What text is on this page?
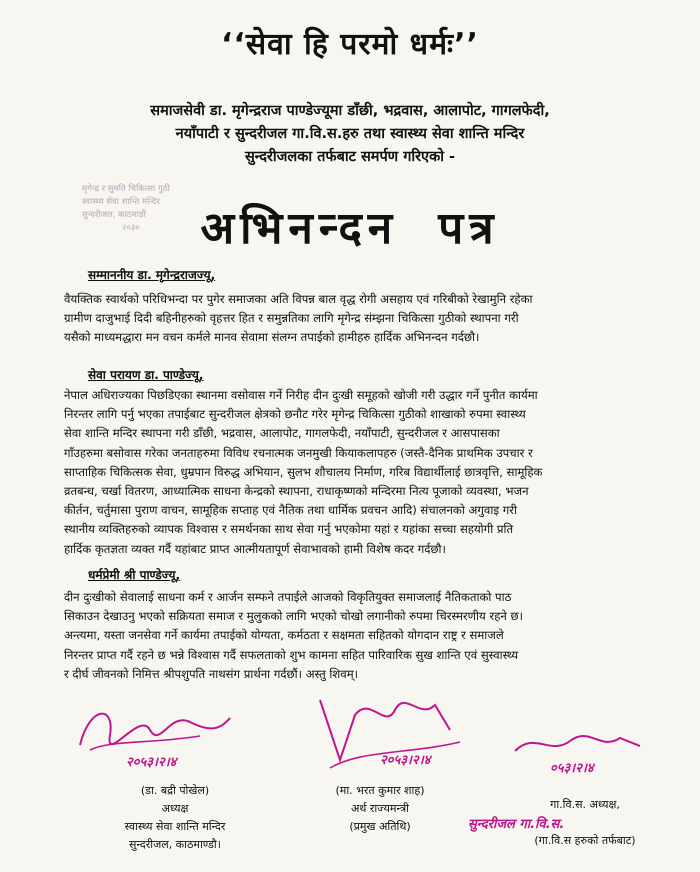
‘‘सेवा हि परमो धर्मः’’
समाजसेवी डा. मृगेन्द्रराज पाण्डेज्यूमा डाँछी, भद्रवास, आलापोट, गागलफेदी,
नयाँपाटी र सुन्दरीजल गा.वि.स.हरु तथा स्वास्थ्य सेवा शान्ति मन्दिर
सुन्दरीजलका तर्फबाट समर्पण गरिएको -
मृगेन्द्र र सुमति चिकित्सा गुठी
स्वास्थ्य सेवा शान्ति मन्दिर
सुन्दरीजल, काठमाडौं
२०३०	अभिनन्दन पत्र
सम्माननीय डा. मृगेन्द्रराजज्यू,
वैयक्तिक स्वार्थको परिधिभन्दा पर पुगेर समाजका अति विपन्न बाल वृद्ध रोगी असहाय एवं गरिबीको रेखामुनि रहेका
ग्रामीण दाजुभाई दिदी बहिनीहरुको वृहत्तर हित र समुन्नतिका लागि मृगेन्द्र संम्झना चिकित्सा गुठीको स्थापना गरी
यसैको माध्यमद्धारा मन वचन कर्मले मानव सेवामा संलग्न तपाईको हामीहरु हार्दिक अभिनन्दन गर्दछौ।
सेवा परायण डा. पाण्डेज्यू,
नेपाल अधिराज्यका पिछडिएका स्थानमा वसोवास गर्ने निरीह दीन दुःखी समूहको खोजी गरी उद्धार गर्ने पुनीत कार्यमा
निरन्तर लागि पर्नु भएका तपाईबाट सुन्दरीजल क्षेत्रको छनौट गरेर मृगेन्द्र चिकित्सा गुठीको शाखाको रुपमा स्वास्थ्य
सेवा शान्ति मन्दिर स्थापना गरी डाँछी, भद्रवास, आलापोट, गागलफेदी, नयाँपाटी, सुन्दरीजल र आसपासका
गाँउहरुमा बसोवास गरेका जनताहरुमा विविध रचनात्मक जनमुखी कियाकलापहरु (जस्तै-दैनिक प्राथमिक उपचार र
साप्ताहिक चिकित्सक सेवा, धुम्रपान विरुद्ध अभियान, सुलभ शौचालय निर्माण, गरिब विद्यार्थीलाई छात्रवृत्ति, सामूहिक
व्रतबन्ध, चर्खा वितरण, आध्यात्मिक साधना केन्द्रको स्थापना, राधाकृष्णको मन्दिरमा नित्य पूजाको व्यवस्था, भजन
कीर्तन, चर्तुमासा पुराण वाचन, सामूहिक सप्ताह एवं नैतिक तथा धार्मिक प्रवचन आदि) संचालनको अगुवाइ गरी
स्थानीय व्यक्तिहरुको व्यापक विश्वास र समर्थनका साथ सेवा गर्नु भएकोमा यहां र यहांका सच्चा सहयोगी प्रति
हार्दिक कृतज्ञता व्यक्त गर्दै यहांबाट प्राप्त आत्मीयतापूर्ण सेवाभावको हामी विशेष कदर गर्दछौ।
धर्मप्रेमी श्री पाण्डेज्यू,
दीन दुःखीको सेवालाई साधना कर्म र आर्जन सम्फने तपाईले आजको विकृतियुक्त समाजलाई नैतिकताको पाठ
सिकाउन देखाउनु भएको सक्रियता समाज र मुलुकको लागि भएको चोखो लगानीको रुपमा चिरस्मरणीय रहने छ।
अन्त्यमा, यस्ता जनसेवा गर्ने कार्यमा तपाईको योग्यता, कर्मठता र सक्षमता सहितको योगदान राष्ट्र र समाजले
निरन्तर प्राप्त गर्दै रहने छ भन्ने विश्वास गर्दै सफलताको शुभ कामना सहित पारिवारिक सुख शान्ति एवं सुस्वास्थ्य
र दीर्घ जीवनको निमित्त श्रीपशुपति नाथसंग प्रार्थना गर्दछौं। अस्तु शिवम्।
२०५३।२।४	२०५३।२।४
०५३।२।४
सुन्दरीजल गा.वि.स.
(डा. बद्री पोखेल)
अध्यक्ष
स्वास्थ्य सेवा शान्ति मन्दिर
सुन्दरीजल, काठमाण्डौ।
(मा. भरत कुमार शाह)
अर्थ राज्यमन्त्री
(प्रमुख अतिथि)
गा.वि.स. अध्यक्ष,
(गा.वि.स हरुको तर्फबाट)
